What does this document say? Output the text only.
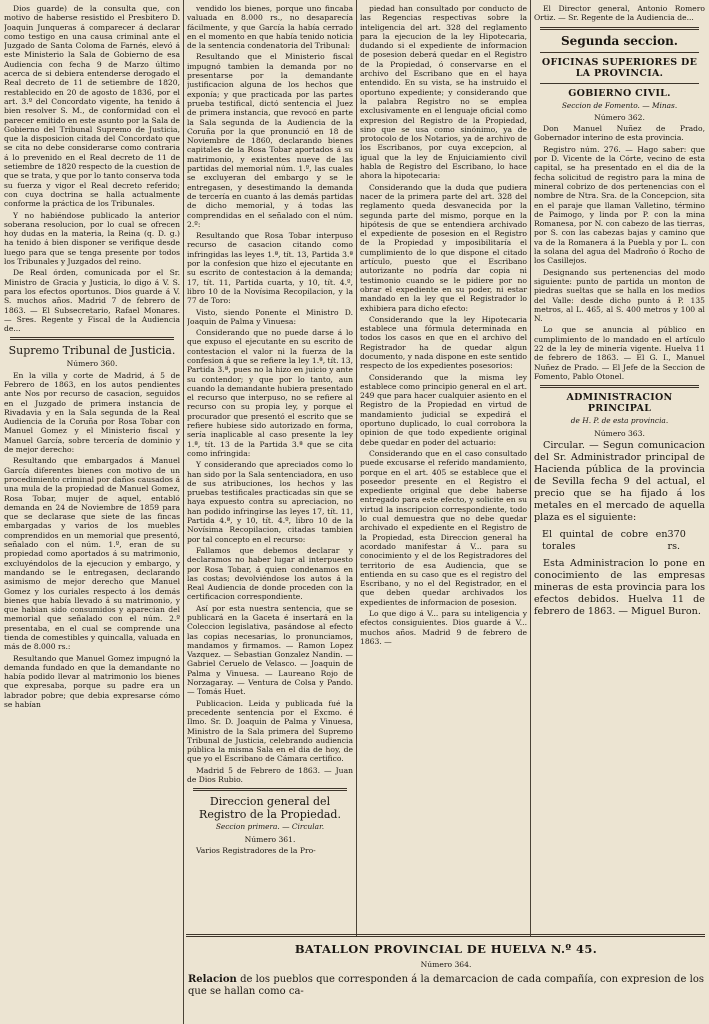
Dios guarde) de la consulta que, con motivo de haberse resistido el Presbitero D. Joaquin Junqueras á comparecer á declarar como testigo en una causa criminal ante el Juzgado de Santa Coloma de Farnés, elevó á este Ministerio la Sala de Gobierno de esa Audiencia con fecha 9 de Marzo último acerca de si debiera entenderse derogado el Real decreto de 11 de setiembre de 1820, restablecido en 20 de agosto de 1836, por el art. 3.º del Concordato vigente, ha tenido á bien resolver S. M., de conformidad con el parecer emitido en este asunto por la Sala de Gobierno del Tribunal Supremo de Justicia, que la disposicion citada del Concordato que se cita no debe considerarse como contraria á lo prevenido en el Real decreto de 11 de setiembre de 1820 respecto de la cuestion de que se trata, y que por lo tanto conserva toda su fuerza y vigor el Real decreto referido; con cuya doctrina se halla actualmente conforme la práctica de los Tribunales.

Y no habiéndose publicado la anterior soberana resolucion, por lo cual se ofrecen hoy dudas en la materia, la Reina (q. D. g.) ha tenido á bien disponer se verifique desde luego para que se tenga presente por todos los Tribunales y Juzgados del reino.

De Real órden, comunicada por el Sr. Ministro de Gracia y Justicia, lo digo á V. S. para los efectos oportunos. Dios guarde á V. S. muchos años. Madrid 7 de febrero de 1863. — El Subsecretario, Rafael Monares. — Sres. Regente y Fiscal de la Audiencia de...

Supremo Tribunal de Justicia.
Número 360.

En la villa y corte de Madrid, á 5 de Febrero de 1863, en los autos pendientes ante Nos por recurso de casacion, seguidos en el Juzgado de primera instancia de Rivadavia y en la Sala segunda de la Real Audiencia de la Coruña por Rosa Tobar con Manuel Gomez y el Ministerio fiscal y Manuel García, sobre tercería de dominio y de mejor derecho:

Resultando que embargados á Manuel García diferentes bienes con motivo de un procedimiento criminal por daños causados á una mula de la propiedad de Manuel Gomez, Rosa Tobar, mujer de aquel, entabló demanda en 24 de Noviembre de 1859 para que se declarase que siete de las fincas embargadas y varios de los muebles comprendidos en un memorial que presentó, señalado con el núm. 1.º, eran de su propiedad como aportados á su matrimonio, excluyéndolos de la ejecucion y embargo, y mandando se le entregasen, declarando asimismo de mejor derecho que Manuel Gomez y los curiales respecto á los demás bienes que había llevado á su matrimonio, y que habian sido consumidos y aparecian del memorial que señalado con el núm. 2.º presentaba, en el cual se comprende una tienda de comestibles y quincalla, valuada en más de 8.000 rs.:

Resultando que Manuel Gomez impugnó la demanda fundado en que la demandante no había podido llevar al matrimonio los bienes que expresaba, porque su padre era un labrador pobre; que debia expresarse cómo se habían

vendido los bienes, porque uno fincaba valuada en 8.000 rs., no desaparecía fácilmente, y que García la había cerrado en el momento en que había tenido noticia de la sentencia condenatoria del Tribunal:

Resultando que el Ministerio fiscal impugnó tambien la demanda por no presentarse por la demandante justificacion alguna de los hechos que exponía; y que practicada por las partes prueba testifical, dictó sentencia el Juez de primera instancia, que revocó en parte la Sala segunda de la Audiencia de la Coruña por la que pronunció en 18 de Noviembre de 1860, declarando bienes capitales de la Rosa Tobar aportados á su matrimonio, y existentes nueve de las partidas del memorial núm. 1.º, las cuales se excluyeran del embargo y se le entregasen, y desestimando la demanda de tercería en cuanto á las demás partidas de dicho memorial, y á todas las comprendidas en el señalado con el núm. 2.º:

Resultando que Rosa Tobar interpuso recurso de casacion citando como infringidas las leyes 1.ª, tít. 13, Partida 3.ª por la confesion que hizo el ejecutante en su escrito de contestacion á la demanda; 17, tít. 11, Partida cuarta, y 10, tít. 4.º, libro 10 de la Novísima Recopilacion, y la 77 de Toro:

Visto, siendo Ponente el Ministro D. Joaquin de Palma y Vinuesa:

Considerando que no puede darse á lo que expuso el ejecutante en su escrito de contestacion el valor ni la fuerza de la confesion á que se refiere la ley 1.ª, tít. 13, Partida 3.ª, pues no la hizo en juicio y ante su contendor; y que por lo tanto, aun cuando la demandante hubiera presentado el recurso que interpuso, no se refiere al recurso con su propia ley, y porque el procurador que presentó el escrito que se refiere hubiese sido autorizado en forma, sería inaplicable al caso presente la ley 1.ª, tít. 13 de la Partida 3.ª que se cita como infringida:

Y considerando que apreciados como lo han sido por la Sala sentenciadora, en uso de sus atribuciones, los hechos y las pruebas testificales practicadas sin que se haya expuesto contra su apreciacion, no han podido infringirse las leyes 17, tít. 11, Partida 4.ª, y 10, tít. 4.º, libro 10 de la Novísima Recopilacion, citadas tambien por tal concepto en el recurso:

Fallamos que debemos declarar y declaramos no haber lugar al interpuesto por Rosa Tobar, á quien condenamos en las costas; devolviéndose los autos á la Real Audiencia de donde proceden con la certificacion correspondiente.

Así por esta nuestra sentencia, que se publicará en la Gaceta é insertará en la Coleccion legislativa, pasándose al efecto las copias necesarias, lo pronunciamos, mandamos y firmamos. — Ramon Lopez Vazquez. — Sebastian Gonzalez Nandin. — Gabriel Ceruelo de Velasco. — Joaquin de Palma y Vinuesa. — Laureano Rojo de Norzagaray. — Ventura de Colsa y Pando. — Tomás Huet.

Publicacion. Leida y publicada fué la precedente sentencia por el Excmo. é Ilmo. Sr. D. Joaquin de Palma y Vinuesa, Ministro de la Sala primera del Supremo Tribunal de Justicia, celebrando audiencia pública la misma Sala en el dia de hoy, de que yo el Escribano de Cámara certifico.

Madrid 5 de Febrero de 1863. — Juan de Dios Rubio.

Direccion general del Registro de la Propiedad.
Seccion primera. — Circular.
Número 361.

Varios Registradores de la Pro-

piedad han consultado por conducto de las Regencias respectivas sobre la inteligencia del art. 328 del reglamento para la ejecucion de la ley Hipotecaria, dudando si el expediente de informacion de posesion deberá quedar en el Registro de la Propiedad, ó conservarse en el archivo del Escribano que en el haya entendido. En su vista, se ha instruido el oportuno expediente; y considerando que la palabra Registro no se emplea exclusivamente en el lenguaje oficial como expresion del Registro de la Propiedad, sino que se usa como sinónimo, ya de protocolo de los Notarios, ya de archivo de los Escribanos, por cuya excepcion, al igual que la ley de Enjuiciamiento civil habla de Registro del Escribano, lo hace ahora la hipotecaria:

Considerando que la duda que pudiera nacer de la primera parte del art. 328 del reglamento queda desvanecida por la segunda parte del mismo, porque en la hipótesis de que se entendiera archivado el expediente de posesion en el Registro de la Propiedad y imposibilitaría el cumplimiento de lo que dispone el citado artículo, puesto que el Escribano autorizante no podría dar copia ni testimonio cuando se le pidiere por no obrar el expediente en su poder, ni estar mandado en la ley que el Registrador lo exhibiera para dicho efecto:

Considerando que la ley Hipotecaria establece una fórmula determinada en todos los casos en que en el archivo del Registrador ha de quedar algun documento, y nada dispone en este sentido respecto de los expedientes posesorios:

Considerando que la misma ley establece como principio general en el art. 249 que para hacer cualquier asiento en el Registro de la Propiedad en virtud de mandamiento judicial se expedirá el oportuno duplicado, lo cual corrobora la opinion de que todo expediente original debe quedar en poder del actuario:

Considerando que en el caso consultado puede excusarse el referido mandamiento, porque en el art. 405 se establece que el poseedor presente en el Registro el expediente original que debe haberse entregado para este efecto, y solicite en su virtud la inscripcion correspondiente, todo lo cual demuestra que no debe quedar archivado el expediente en el Registro de la Propiedad, esta Direccion general ha acordado manifestar á V... para su conocimiento y el de los Registradores del territorio de esa Audiencia, que se entienda en su caso que es el registro del Escribano, y no el del Registrador, en el que deben quedar archivados los expedientes de informacion de posesion.

Lo que digo á V... para su inteligencia y efectos consiguientes. Dios guarde á V... muchos años. Madrid 9 de febrero de 1863. —

El Director general, Antonio Romero Ortiz. — Sr. Regente de la Audiencia de...

Segunda seccion.
OFICINAS SUPERIORES DE LA PROVINCIA.
GOBIERNO CIVIL.
Seccion de Fomento. — Minas.
Número 362.

Don Manuel Nuñez de Prado, Gobernador interino de esta provincia.

Registro núm. 276. — Hago saber: que por D. Vicente de la Córte, vecino de esta capital, se ha presentado en el dia de la fecha solicitud de registro para la mina de mineral cobrizo de dos pertenencias con el nombre de Ntra. Sra. de la Concepcion, sita en el paraje que llaman Valletino, término de Paimogo, y linda por P. con la mina Romanesa, por N. con cabezo de las tierras, por S. con las cabezas bajas y camino que va de la Romanera á la Puebla y por L. con la solana del agua del Madroño ó Rocho de los Casillejos.

Designando sus pertenencias del modo siguiente: punto de partida un monton de piedras sueltas que se halla en los medios del Valle: desde dicho punto á P. 135 metros, al L. 465, al S. 400 metros y 100 al N.

Lo que se anuncia al público en cumplimiento de lo mandado en el artículo 22 de la ley de minería vigente. Huelva 11 de febrero de 1863. — El G. I., Manuel Nuñez de Prado. — El Jefe de la Seccion de Fomento, Pablo Otonel.

ADMINISTRACION PRINCIPAL
de H. P. de esta provincia.
Número 363.

Circular. — Segun comunicacion del Sr. Administrador principal de Hacienda pública de la provincia de Sevilla fecha 9 del actual, el precio que se ha fijado á los metales en el mercado de aquella plaza es el siguiente:

El quintal de cobre en torales
370 rs.

Esta Administracion lo pone en conocimiento de las empresas mineras de esta provincia para los efectos debidos. Huelva 11 de febrero de 1863. — Miguel Buron.

BATALLON PROVINCIAL DE HUELVA N.º 45.
Número 364.
Relacion de los pueblos que corresponden á la demarcacion de cada compañía, con expresion de los que se hallan como ca-
